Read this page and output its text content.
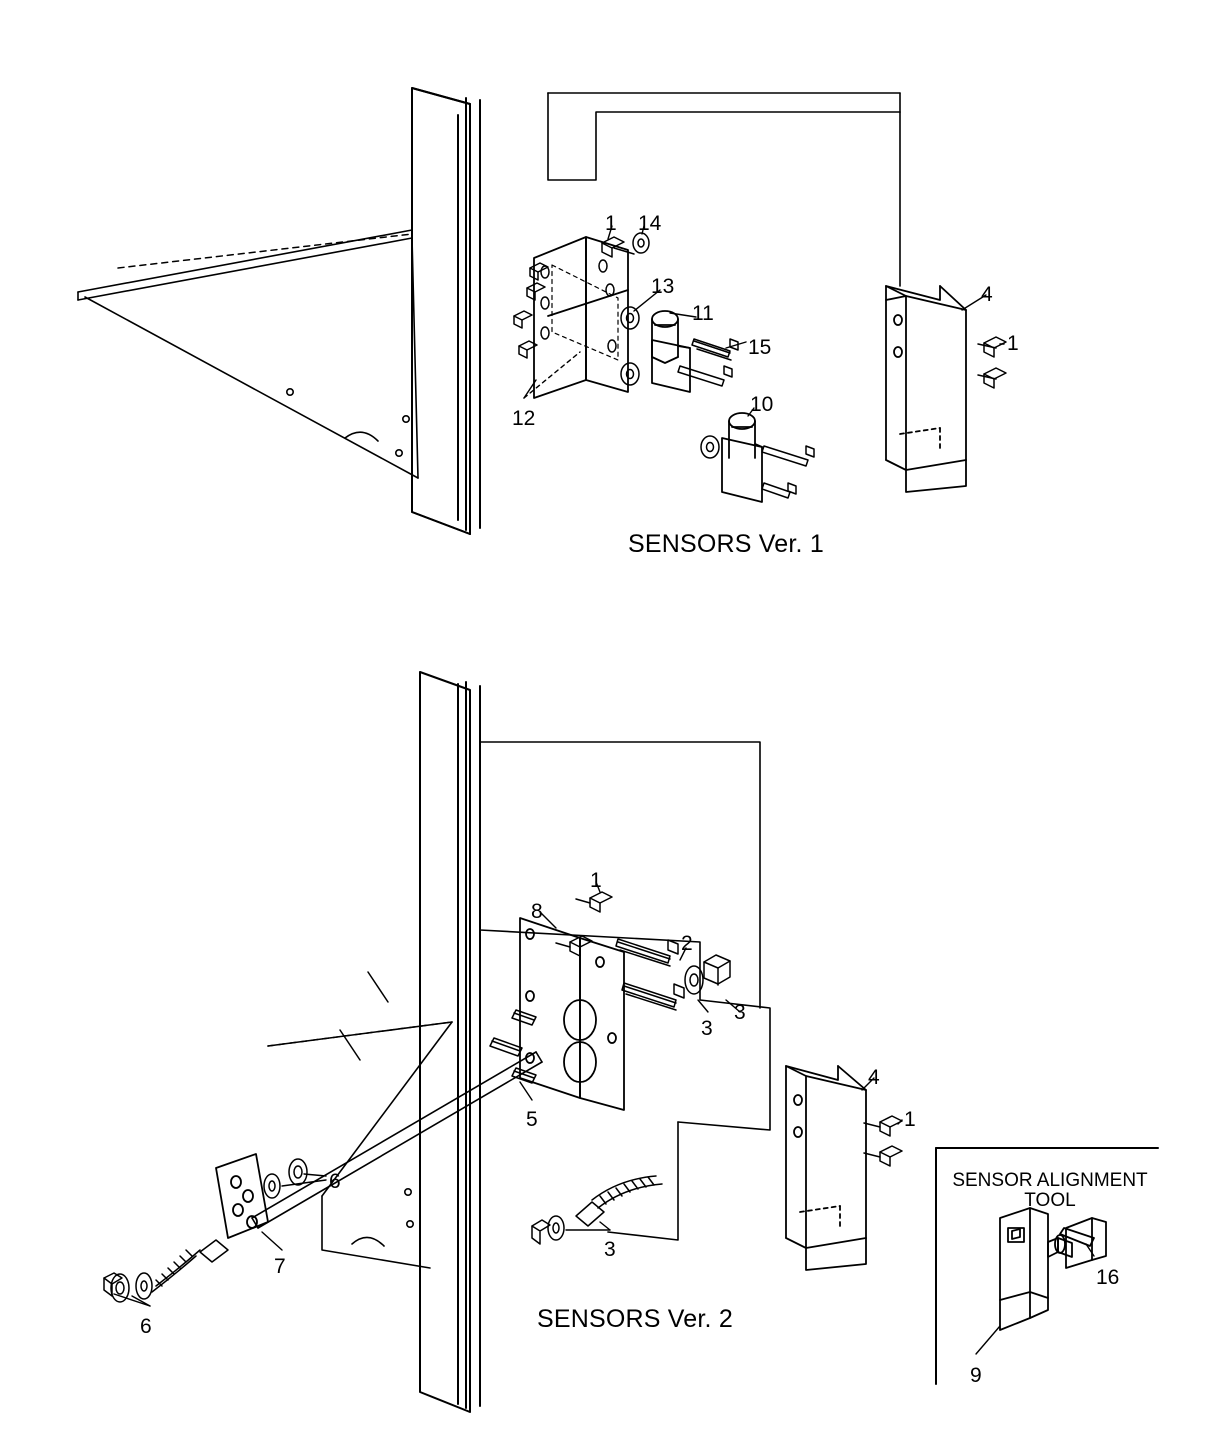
SENSORS Ver. 1
SENSORS Ver. 2
SENSOR ALIGNMENT
TOOL
1 14
13
11
15
4
1
10
12
1
8
2
3
3
5
6
7
6
3
4
1
16
9
